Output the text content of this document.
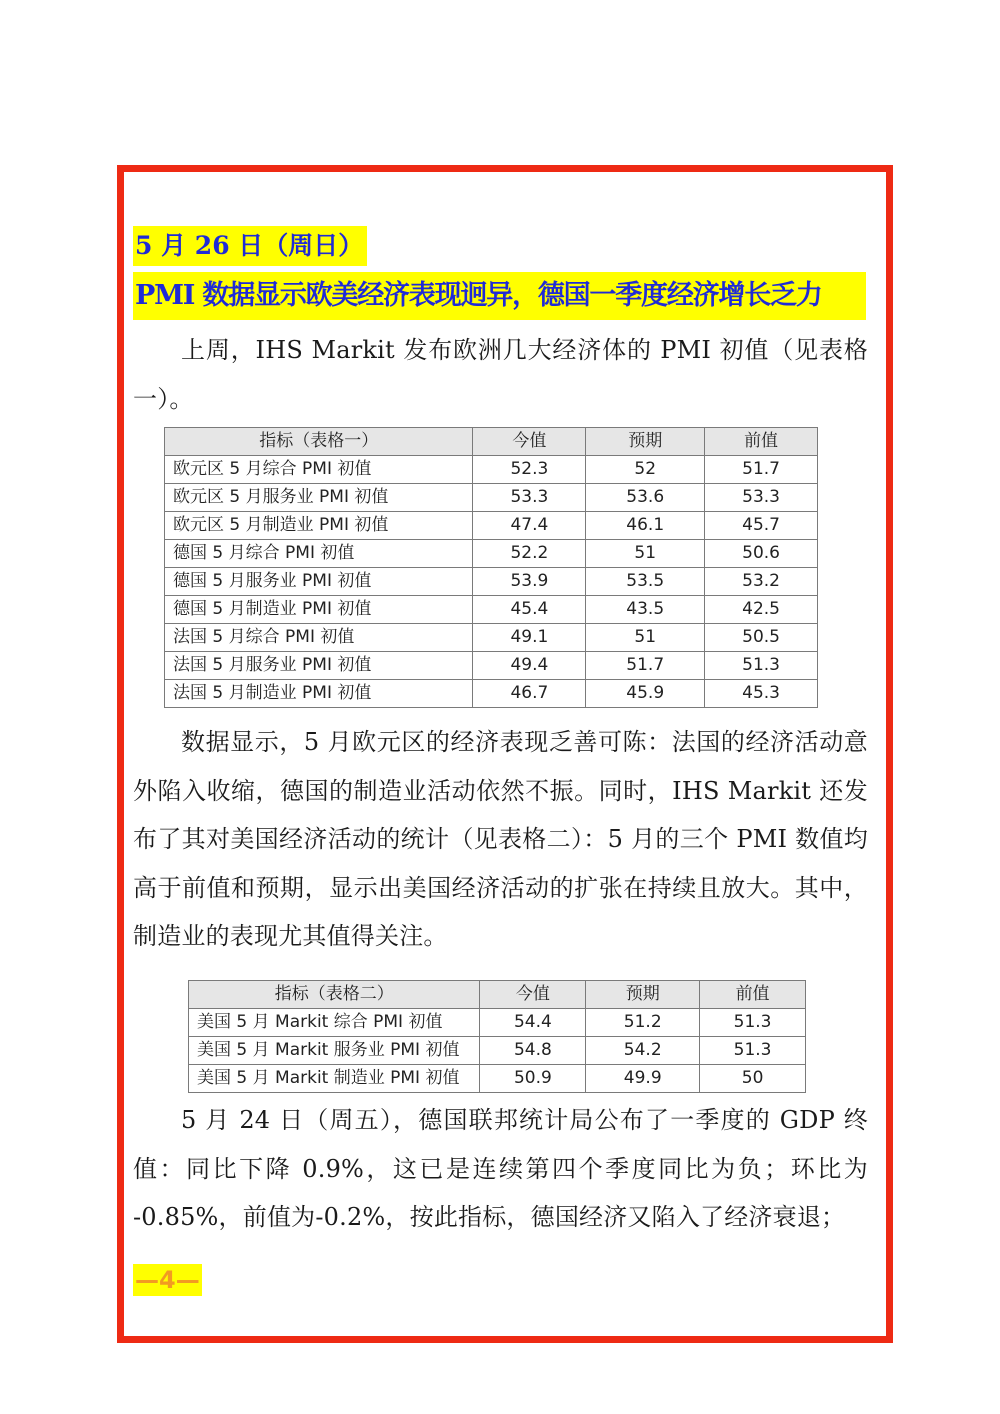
5 月 26 日（周日）
PMI 数据显示欧美经济表现迥异，德国一季度经济增长乏力

上周，IHS Markit 发布欧洲几大经济体的 PMI 初值（见表格一）。

指标（表格一）	今值	预期	前值
欧元区 5 月综合 PMI 初值	52.3	52	51.7
欧元区 5 月服务业 PMI 初值	53.3	53.6	53.3
欧元区 5 月制造业 PMI 初值	47.4	46.1	45.7
德国 5 月综合 PMI 初值	52.2	51	50.6
德国 5 月服务业 PMI 初值	53.9	53.5	53.2
德国 5 月制造业 PMI 初值	45.4	43.5	42.5
法国 5 月综合 PMI 初值	49.1	51	50.5
法国 5 月服务业 PMI 初值	49.4	51.7	51.3
法国 5 月制造业 PMI 初值	46.7	45.9	45.3

数据显示，5 月欧元区的经济表现乏善可陈：法国的经济活动意外陷入收缩，德国的制造业活动依然不振。同时，IHS Markit 还发布了其对美国经济活动的统计（见表格二）：5 月的三个 PMI 数值均高于前值和预期，显示出美国经济活动的扩张在持续且放大。其中，制造业的表现尤其值得关注。

指标（表格二）	今值	预期	前值
美国 5 月 Markit 综合 PMI 初值	54.4	51.2	51.3
美国 5 月 Markit 服务业 PMI 初值	54.8	54.2	51.3
美国 5 月 Markit 制造业 PMI 初值	50.9	49.9	50

5 月 24 日（周五），德国联邦统计局公布了一季度的 GDP 终值：同比下降 0.9%，这已是连续第四个季度同比为负；环比为 -0.85%，前值为-0.2%，按此指标，德国经济又陷入了经济衰退；

—4—
